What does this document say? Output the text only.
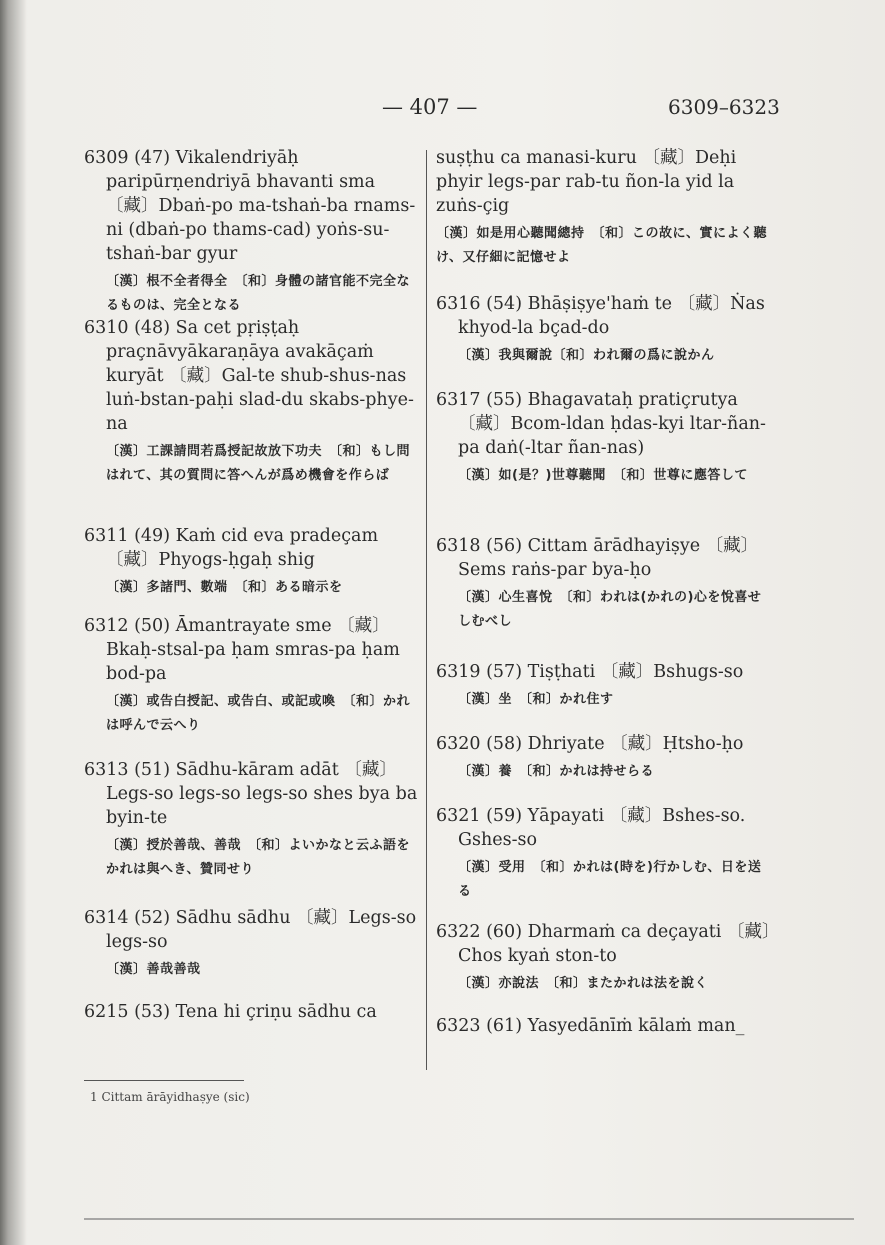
— 407 —	6309–6323

6309 (47) Vikalendriyāḥ paripūrṇendriyā bhavanti sma 〔藏〕Dbaṅ-po ma-tshaṅ-ba rnams-ni (dbaṅ-po thams-cad) yoṅs-su-tshaṅ-bar gyur

〔漢〕根不全者得全　〔和〕身體の諸官能不完全なるものは、完全となる

6310 (48) Sa cet pṛiṣṭaḥ praçnāvyākaraṇāya avakāçaṁ kuryāt 〔藏〕Gal-te shub-shus-nas luṅ-bstan-paḥi slad-du skabs-phye-na

〔漢〕工課請問若爲授記故放下功夫　〔和〕もし問はれて、其の質問に答へんが爲め機會を作らば

6311 (49) Kaṁ cid eva pradeçam 〔藏〕Phyogs-ḥgaḥ shig

〔漢〕多諸門、數端　〔和〕ある暗示を

6312 (50) Āmantrayate sme 〔藏〕Bkaḥ-stsal-pa ḥam smras-pa ḥam bod-pa

〔漢〕或告白授記、或告白、或記或喚　〔和〕かれは呼んで云へり

6313 (51) Sādhu-kāram adāt 〔藏〕Legs-so legs-so legs-so shes bya ba byin-te

〔漢〕授於善哉、善哉　〔和〕よいかなと云ふ語をかれは與へき、贊同せり

6314 (52) Sādhu sādhu 〔藏〕Legs-so legs-so

〔漢〕善哉善哉

6215 (53) Tena hi çriṇu sādhu ca

suṣṭhu ca manasi-kuru 〔藏〕Deḥi phyir legs-par rab-tu ñon-la yid la zuṅs-çig

〔漢〕如是用心聽聞總持　〔和〕この故に、實によく聽け、又仔細に記憶せよ

6316 (54) Bhāṣiṣye'haṁ te 〔藏〕Ṅas khyod-la bçad-do

〔漢〕我與爾說〔和〕われ爾の爲に說かん

6317 (55) Bhagavataḥ pratiçrutya 〔藏〕Bcom-ldan ḥdas-kyi ltar-ñan-pa daṅ(-ltar ñan-nas)

〔漢〕如(是？)世尊聽聞　〔和〕世尊に應答して

6318 (56) Cittam ārādhayiṣye 〔藏〕Sems raṅs-par bya-ḥo

〔漢〕心生喜悅　〔和〕われは(かれの)心を悅喜せしむべし

6319 (57) Tiṣṭhati 〔藏〕Bshugs-so

〔漢〕坐　〔和〕かれ住す

6320 (58) Dhriyate 〔藏〕Ḥtsho-ḥo

〔漢〕養　〔和〕かれは持せらる

6321 (59) Yāpayati 〔藏〕Bshes-so. Gshes-so

〔漢〕受用　〔和〕かれは(時を)行かしむ、日を送る

6322 (60) Dharmaṁ ca deçayati 〔藏〕Chos kyaṅ ston-to

〔漢〕亦說法　〔和〕またかれは法を說く

6323 (61) Yasyedānīṁ kālaṁ man_

1 Cittam ārāyidhaṣye (sic)
